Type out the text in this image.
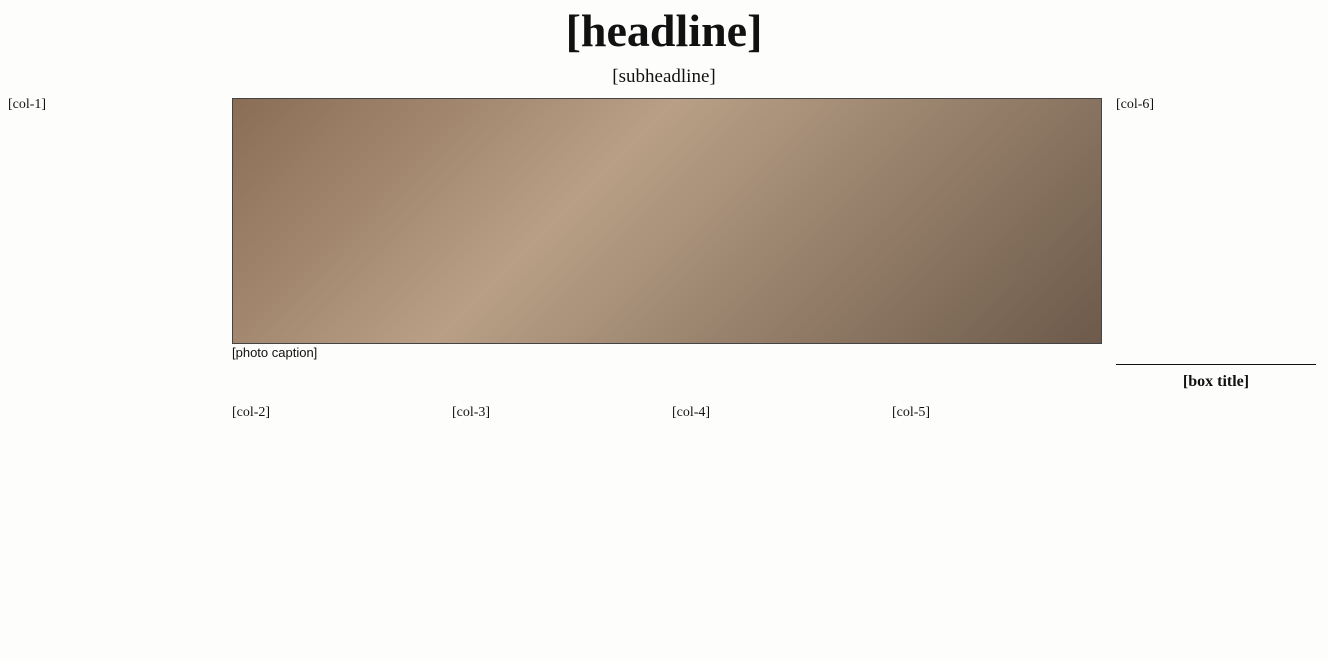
[headline]
[subheadline]
[col-1]
[photo caption]
[col-2]	[col-3]	[col-4]	[col-5]
[col-6]
[box title]
